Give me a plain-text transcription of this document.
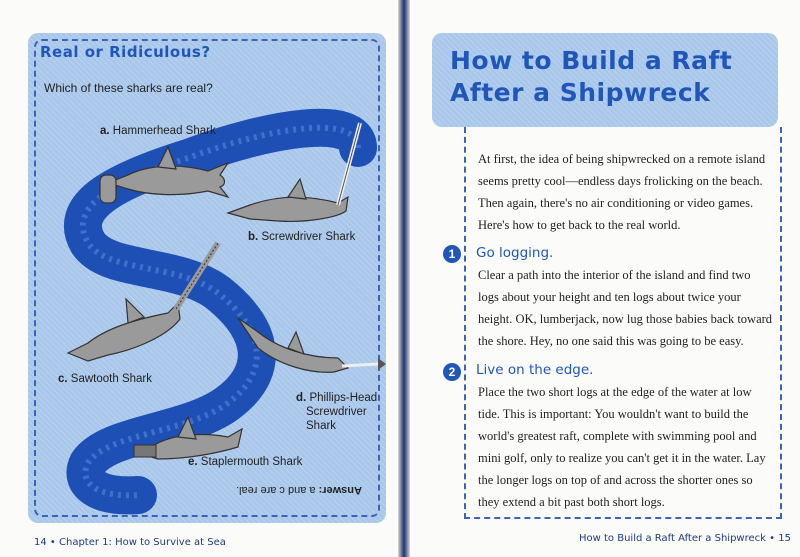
Real or Ridiculous?
Which of these sharks are real?
a. Hammerhead Shark
b. Screwdriver Shark
c. Sawtooth Shark
d. Phillips-Head
Screwdriver
Shark
e. Staplermouth Shark
Answer: a and c are real.
14 • Chapter 1: How to Survive at Sea
How to Build a Raft
After a Shipwreck
At first, the idea of being shipwrecked on a remote island
seems pretty cool—endless days frolicking on the beach.
Then again, there's no air conditioning or video games.
Here's how to get back to the real world.
1	Go logging.
Clear a path into the interior of the island and find two
logs about your height and ten logs about twice your
height. OK, lumberjack, now lug those babies back toward
the shore. Hey, no one said this was going to be easy.
2	Live on the edge.
Place the two short logs at the edge of the water at low
tide. This is important: You wouldn't want to build the
world's greatest raft, complete with swimming pool and
mini golf, only to realize you can't get it in the water. Lay
the longer logs on top of and across the shorter ones so
they extend a bit past both short logs.
How to Build a Raft After a Shipwreck • 15
